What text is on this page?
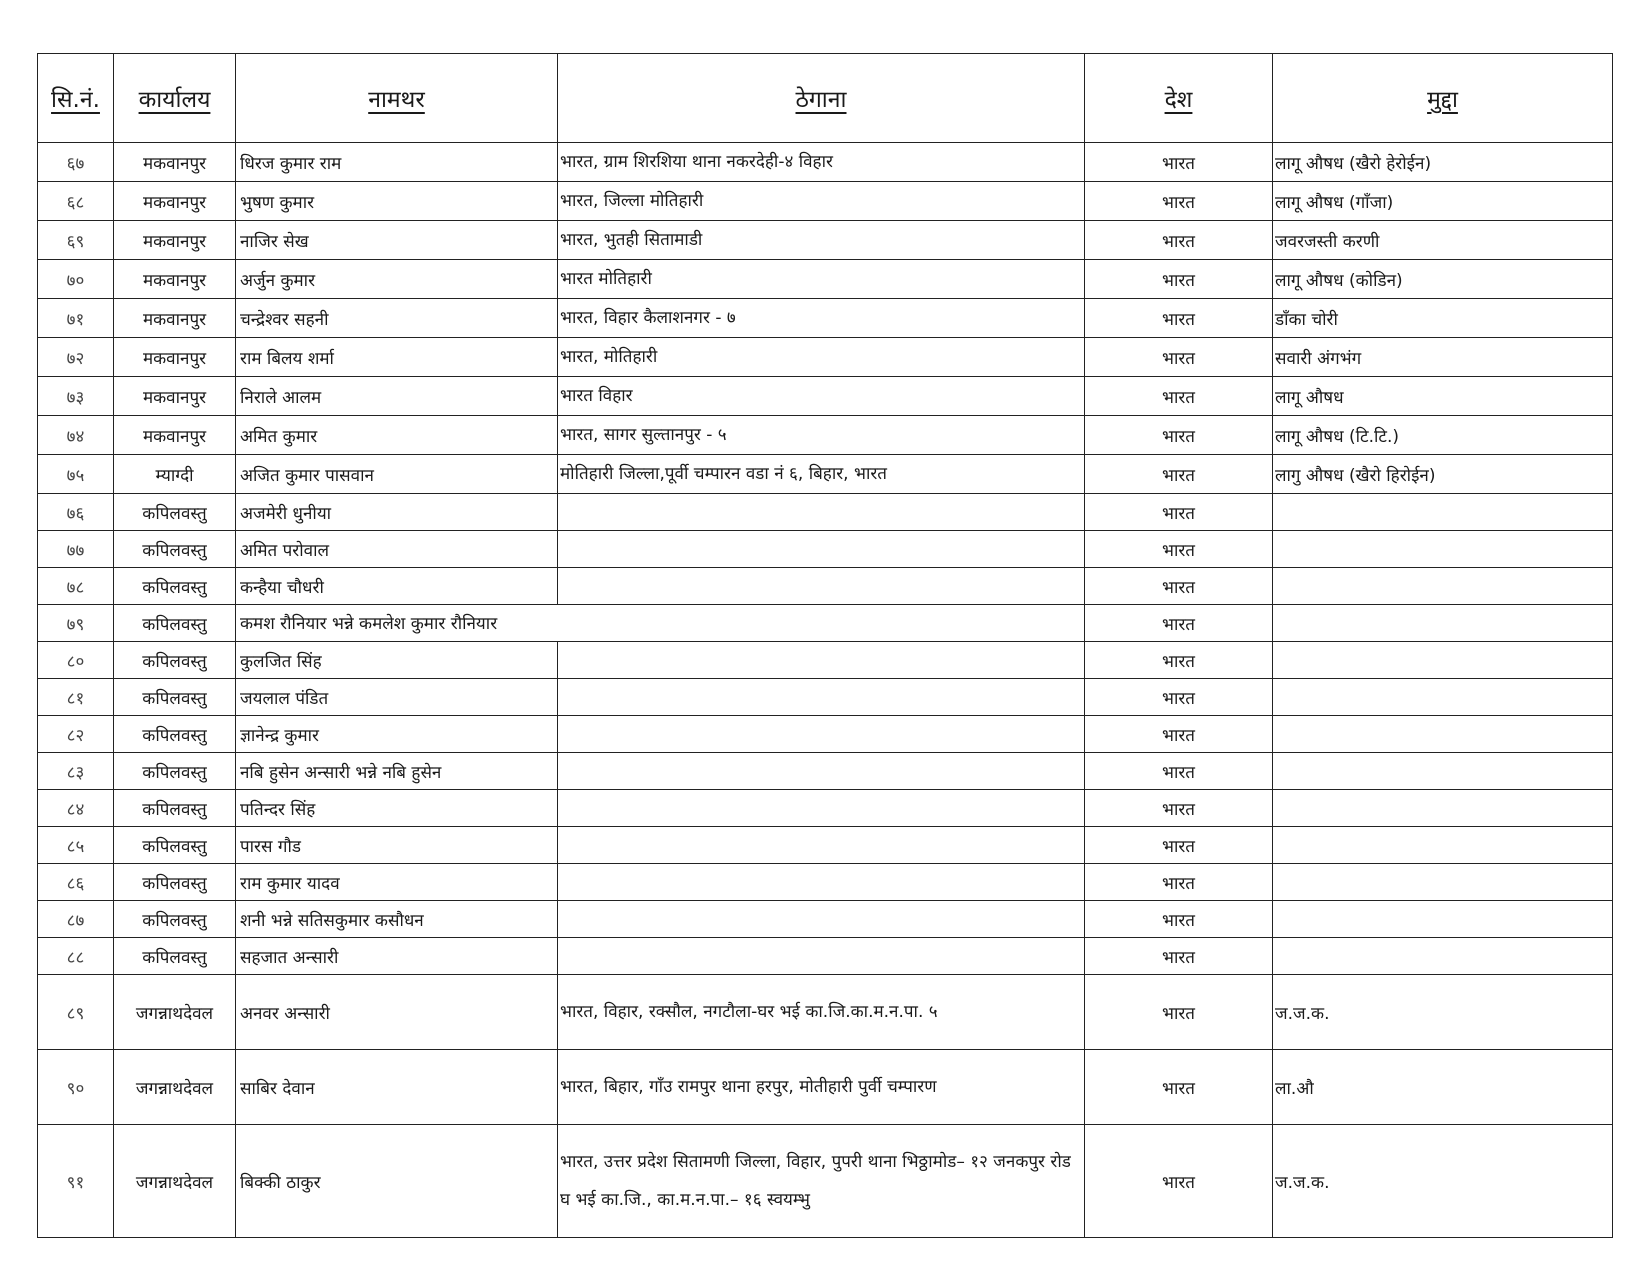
सि.नं.	कार्यालय	नामथर	ठेगाना	देश	मुद्दा
६७	मकवानपुर	धिरज कुमार राम	भारत, ग्राम शिरशिया थाना नकरदेही-४ विहार	भारत	लागू औषध (खैरो हेरोईन)
६८	मकवानपुर	भुषण कुमार	भारत, जिल्ला मोतिहारी	भारत	लागू औषध (गाँजा)
६९	मकवानपुर	नाजिर सेख	भारत, भुतही सितामाडी	भारत	जवरजस्ती करणी
७०	मकवानपुर	अर्जुन कुमार	भारत मोतिहारी	भारत	लागू औषध (कोडिन)
७१	मकवानपुर	चन्द्रेश्वर सहनी	भारत, विहार कैलाशनगर - ७	भारत	डाँका चोरी
७२	मकवानपुर	राम बिलय शर्मा	भारत, मोतिहारी	भारत	सवारी अंगभंग
७३	मकवानपुर	निराले आलम	भारत विहार	भारत	लागू औषध
७४	मकवानपुर	अमित कुमार	भारत, सागर सुल्तानपुर - ५	भारत	लागू औषध (टि.टि.)
७५	म्याग्दी	अजित कुमार पासवान	मोतिहारी जिल्ला,पूर्वी चम्पारन वडा नं ६, बिहार, भारत	भारत	लागु औषध (खैरो हिरोईन)
७६	कपिलवस्तु	अजमेरी धुनीया		भारत	
७७	कपिलवस्तु	अमित परोवाल		भारत	
७८	कपिलवस्तु	कन्हैया चौधरी		भारत	
७९	कपिलवस्तु	कमश रौनियार भन्ने कमलेश कुमार रौनियार		भारत	
८०	कपिलवस्तु	कुलजित सिंह		भारत	
८१	कपिलवस्तु	जयलाल पंडित		भारत	
८२	कपिलवस्तु	ज्ञानेन्द्र कुमार		भारत	
८३	कपिलवस्तु	नबि हुसेन अन्सारी भन्ने नबि हुसेन		भारत	
८४	कपिलवस्तु	पतिन्दर सिंह		भारत	
८५	कपिलवस्तु	पारस गौड		भारत	
८६	कपिलवस्तु	राम कुमार यादव		भारत	
८७	कपिलवस्तु	शनी भन्ने सतिसकुमार कसौधन		भारत	
८८	कपिलवस्तु	सहजात अन्सारी		भारत	
८९	जगन्नाथदेवल	अनवर अन्सारी	भारत, विहार, रक्सौल, नगटौला-घर भई का.जि.का.म.न.पा. ५	भारत	ज.ज.क.
९०	जगन्नाथदेवल	साबिर देवान	भारत, बिहार, गाँउ रामपुर थाना हरपुर, मोतीहारी पुर्वी चम्पारण	भारत	ला.औ
९१	जगन्नाथदेवल	बिक्की ठाकुर	भारत, उत्तर प्रदेश सितामणी जिल्ला, विहार, पुपरी थाना भिठ्ठामोड– १२ जनकपुर रोड घ भई का.जि., का.म.न.पा.– १६ स्वयम्भु	भारत	ज.ज.क.
